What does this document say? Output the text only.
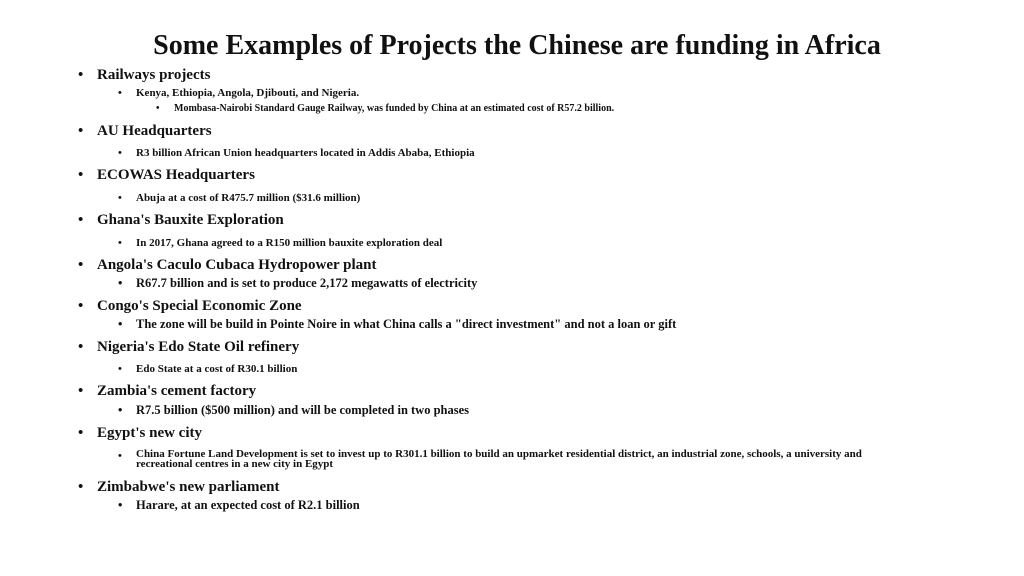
Some Examples of Projects the Chinese are funding in Africa
• Railways projects
• Kenya, Ethiopia, Angola, Djibouti, and Nigeria.
• Mombasa-Nairobi Standard Gauge Railway, was funded by China at an estimated cost of R57.2 billion.
• AU Headquarters
• R3 billion African Union headquarters located in Addis Ababa, Ethiopia
• ECOWAS Headquarters
• Abuja at a cost of R475.7 million ($31.6 million)
• Ghana's Bauxite Exploration
• In 2017, Ghana agreed to a R150 million bauxite exploration deal
• Angola's Caculo Cubaca Hydropower plant
• R67.7 billion and is set to produce 2,172 megawatts of electricity
• Congo's Special Economic Zone
• The zone will be build in Pointe Noire in what China calls a "direct investment" and not a loan or gift
• Nigeria's Edo State Oil refinery
• Edo State at a cost of R30.1 billion
• Zambia's cement factory
• R7.5 billion ($500 million) and will be completed in two phases
• Egypt's new city
• China Fortune Land Development is set to invest up to R301.1 billion to build an upmarket residential district, an industrial zone, schools, a university and recreational centres in a new city in Egypt
• Zimbabwe's new parliament
• Harare, at an expected cost of R2.1 billion
